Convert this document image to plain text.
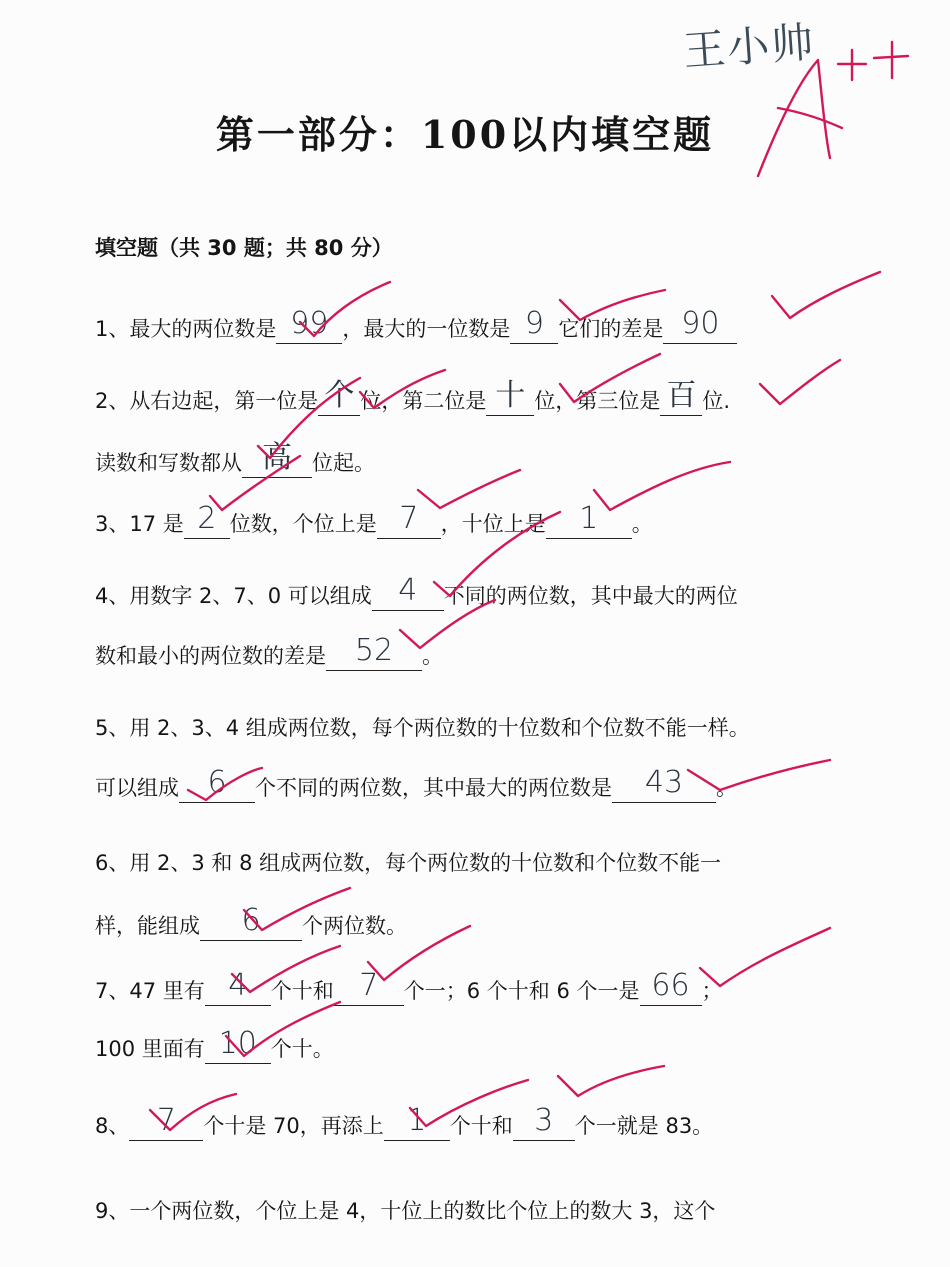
王小帅
第一部分：100以内填空题
填空题（共 30 题；共 80 分）
1、最大的两位数是 99 ，最大的一位数是 9 它们的差是 90
2、从右边起，第一位是 个 位，第二位是 十 位，第三位是 百 位.
读数和写数都从 高 位起。
3、17 是 2 位数，个位上是 7 ，十位上是 1 。
4、用数字 2、7、0 可以组成 4 不同的两位数，其中最大的两位
数和最小的两位数的差是 52 。
5、用 2、3、4 组成两位数，每个两位数的十位数和个位数不能一样。
可以组成 6 个不同的两位数，其中最大的两位数是 43 。
6、用 2、3 和 8 组成两位数，每个两位数的十位数和个位数不能一
样，能组成 6 个两位数。
7、47 里有 4 个十和 7 个一；6 个十和 6 个一是 66 ；
100 里面有 10 个十。
8、 7 个十是 70，再添上 1 个十和 3 个一就是 83。
9、一个两位数，个位上是 4，十位上的数比个位上的数大 3，这个
